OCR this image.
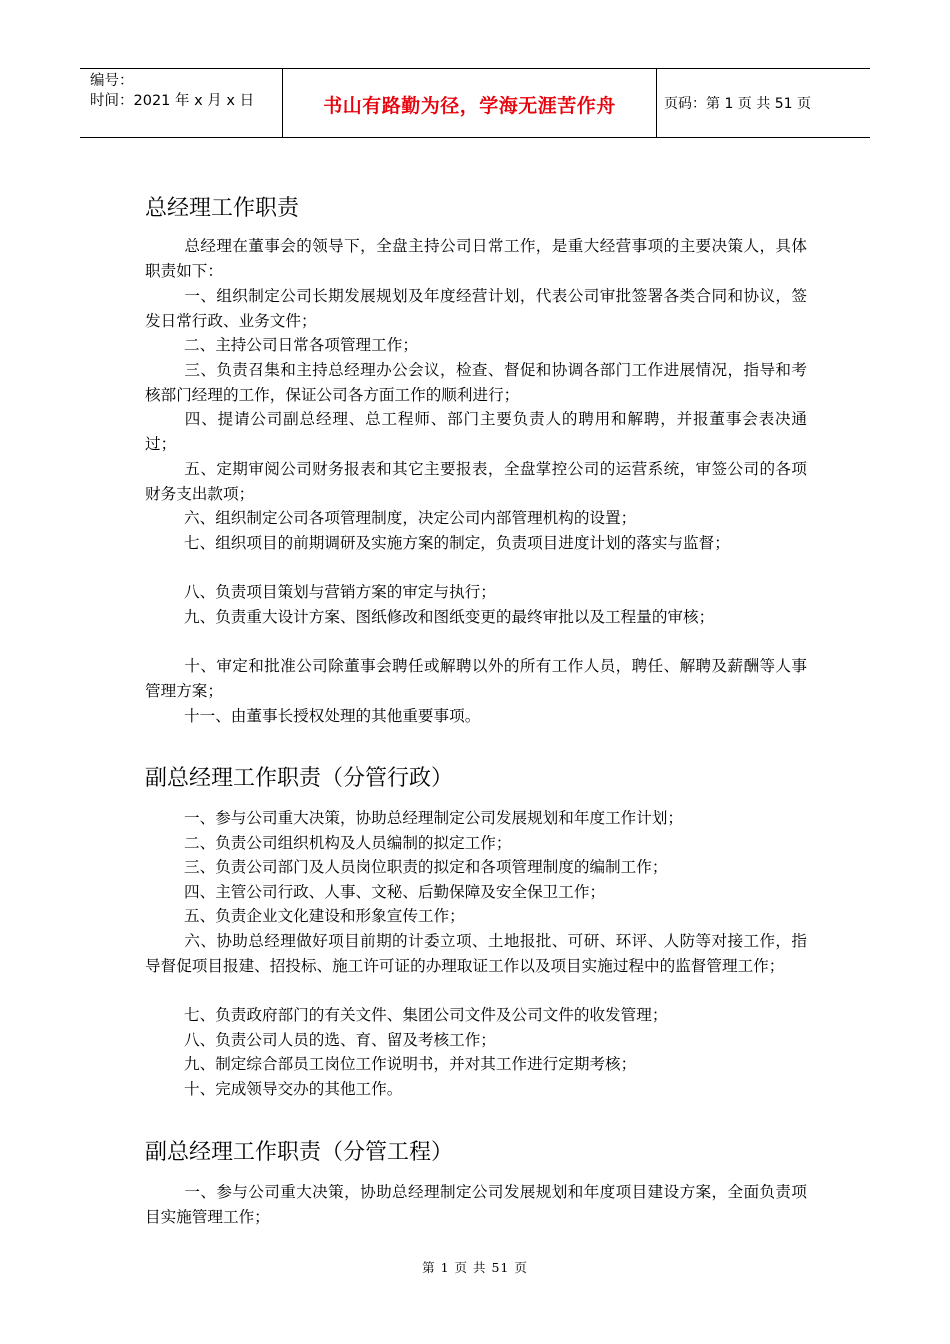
编号：
时间：2021 年 x 月 x 日	书山有路勤为径，学海无涯苦作舟	页码：第 1 页 共 51 页
总经理工作职责

总经理在董事会的领导下，全盘主持公司日常工作，是重大经营事项的主要决策人，具体职责如下：

一、组织制定公司长期发展规划及年度经营计划，代表公司审批签署各类合同和协议，签发日常行政、业务文件；

二、主持公司日常各项管理工作；

三、负责召集和主持总经理办公会议，检查、督促和协调各部门工作进展情况，指导和考核部门经理的工作，保证公司各方面工作的顺利进行；

四、提请公司副总经理、总工程师、部门主要负责人的聘用和解聘，并报董事会表决通过；

五、定期审阅公司财务报表和其它主要报表，全盘掌控公司的运营系统，审签公司的各项财务支出款项；

六、组织制定公司各项管理制度，决定公司内部管理机构的设置；

七、组织项目的前期调研及实施方案的制定，负责项目进度计划的落实与监督；

八、负责项目策划与营销方案的审定与执行；

九、负责重大设计方案、图纸修改和图纸变更的最终审批以及工程量的审核；

十、审定和批准公司除董事会聘任或解聘以外的所有工作人员，聘任、解聘及薪酬等人事管理方案；

十一、由董事长授权处理的其他重要事项。

副总经理工作职责（分管行政）

一、参与公司重大决策，协助总经理制定公司发展规划和年度工作计划；

二、负责公司组织机构及人员编制的拟定工作；

三、负责公司部门及人员岗位职责的拟定和各项管理制度的编制工作；

四、主管公司行政、人事、文秘、后勤保障及安全保卫工作；

五、负责企业文化建设和形象宣传工作；

六、协助总经理做好项目前期的计委立项、土地报批、可研、环评、人防等对接工作，指导督促项目报建、招投标、施工许可证的办理取证工作以及项目实施过程中的监督管理工作；

七、负责政府部门的有关文件、集团公司文件及公司文件的收发管理；

八、负责公司人员的选、育、留及考核工作；

九、制定综合部员工岗位工作说明书，并对其工作进行定期考核；

十、完成领导交办的其他工作。

副总经理工作职责（分管工程）

一、参与公司重大决策，协助总经理制定公司发展规划和年度项目建设方案，全面负责项目实施管理工作；

第 1 页 共 51 页
